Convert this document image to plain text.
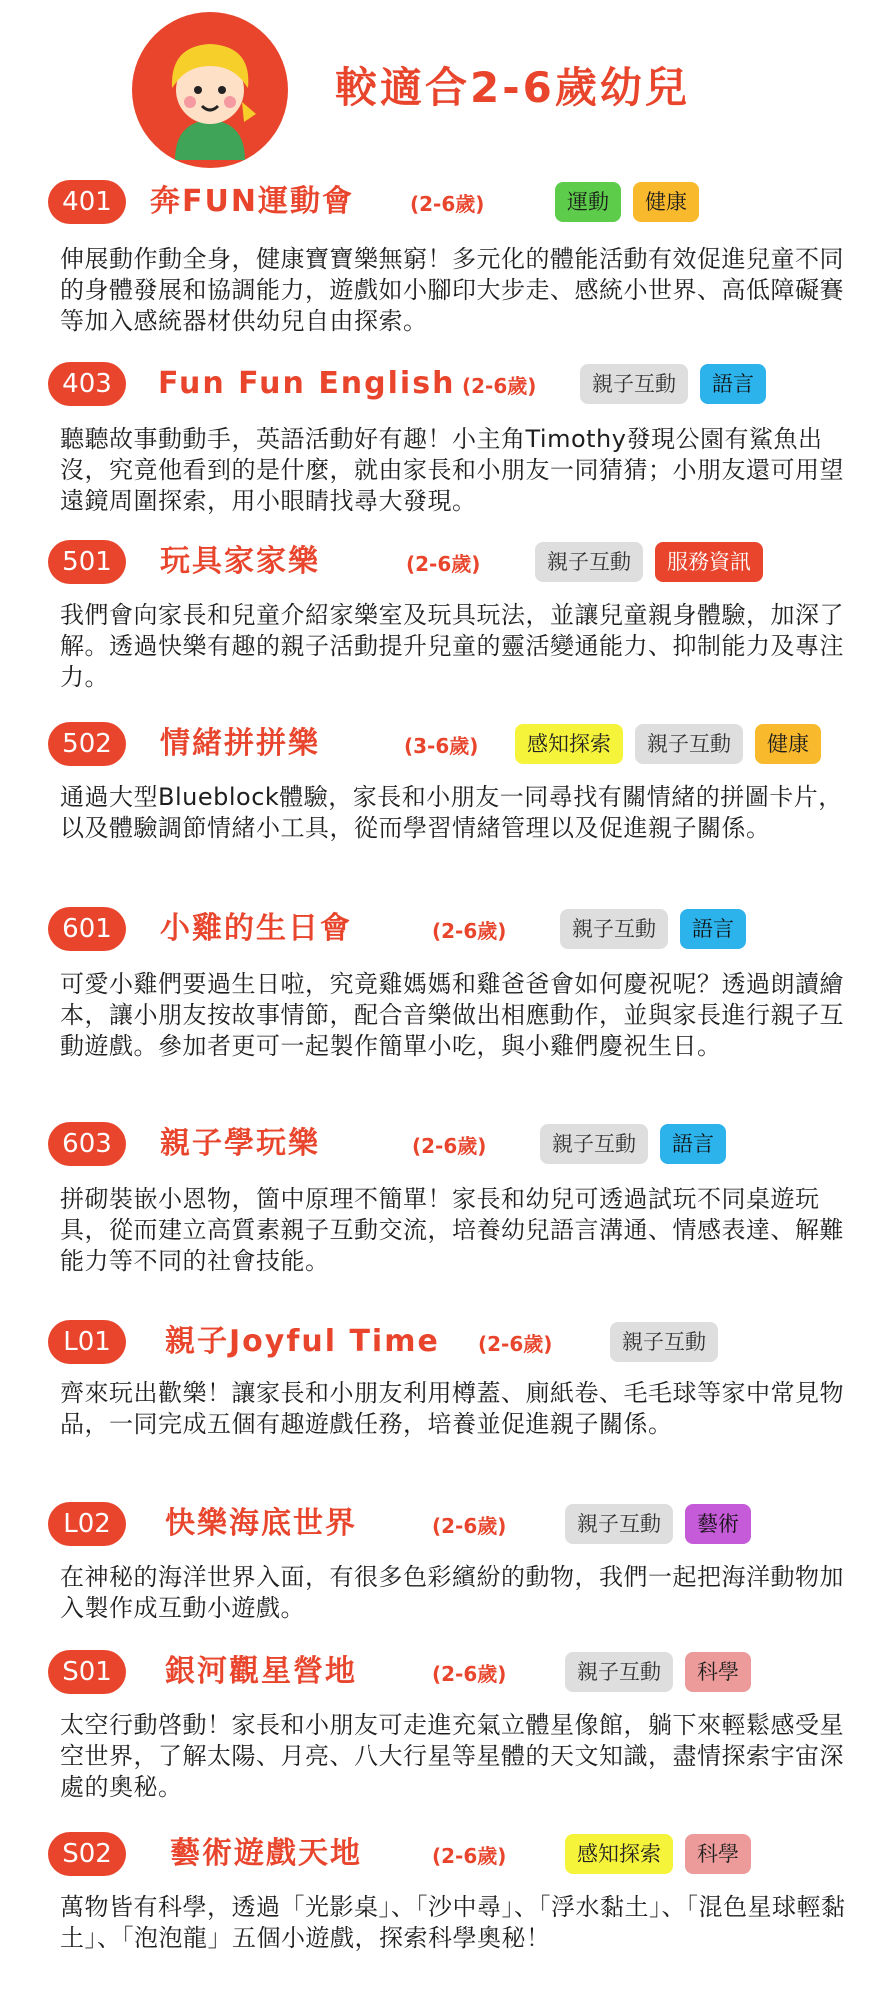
較適合2-6歲幼兒
401	奔FUN運動會	(2-6歲)	運動	健康

伸展動作動全身，健康寶寶樂無窮！多元化的體能活動有效促進兒童不同的身體發展和協調能力，遊戲如小腳印大步走、感統小世界、高低障礙賽等加入感統器材供幼兒自由探索。

403	Fun Fun English (2-6歲)	親子互動	語言

聽聽故事動動手，英語活動好有趣！小主角Timothy發現公園有鯊魚出沒，究竟他看到的是什麼，就由家長和小朋友一同猜猜；小朋友還可用望遠鏡周圍探索，用小眼睛找尋大發現。

501	玩具家家樂	(2-6歲)	親子互動	服務資訊

我們會向家長和兒童介紹家樂室及玩具玩法，並讓兒童親身體驗，加深了解。透過快樂有趣的親子活動提升兒童的靈活變通能力、抑制能力及專注力。

502	情緒拼拼樂	(3-6歲)	感知探索	親子互動	健康

通過大型Blueblock體驗，家長和小朋友一同尋找有關情緒的拼圖卡片，以及體驗調節情緒小工具，從而學習情緒管理以及促進親子關係。

601	小雞的生日會	(2-6歲)	親子互動	語言

可愛小雞們要過生日啦，究竟雞媽媽和雞爸爸會如何慶祝呢？透過朗讀繪本，讓小朋友按故事情節，配合音樂做出相應動作，並與家長進行親子互動遊戲。參加者更可一起製作簡單小吃，與小雞們慶祝生日。

603	親子學玩樂	(2-6歲)	親子互動	語言

拼砌裝嵌小恩物，箇中原理不簡單！家長和幼兒可透過試玩不同桌遊玩具，從而建立高質素親子互動交流，培養幼兒語言溝通、情感表達、解難能力等不同的社會技能。

L01	親子Joyful Time (2-6歲)	親子互動

齊來玩出歡樂！讓家長和小朋友利用樽蓋、廁紙卷、毛毛球等家中常見物品，一同完成五個有趣遊戲任務，培養並促進親子關係。

L02	快樂海底世界	(2-6歲)	親子互動	藝術

在神秘的海洋世界入面，有很多色彩繽紛的動物，我們一起把海洋動物加入製作成互動小遊戲。

S01	銀河觀星營地	(2-6歲)	親子互動	科學

太空行動啓動！家長和小朋友可走進充氣立體星像館，躺下來輕鬆感受星空世界，了解太陽、月亮、八大行星等星體的天文知識，盡情探索宇宙深處的奧秘。

S02	藝術遊戲天地	(2-6歲)	感知探索	科學

萬物皆有科學，透過「光影桌」、「沙中尋」、「浮水黏土」、「混色星球輕黏土」、「泡泡龍」五個小遊戲，探索科學奧秘！
